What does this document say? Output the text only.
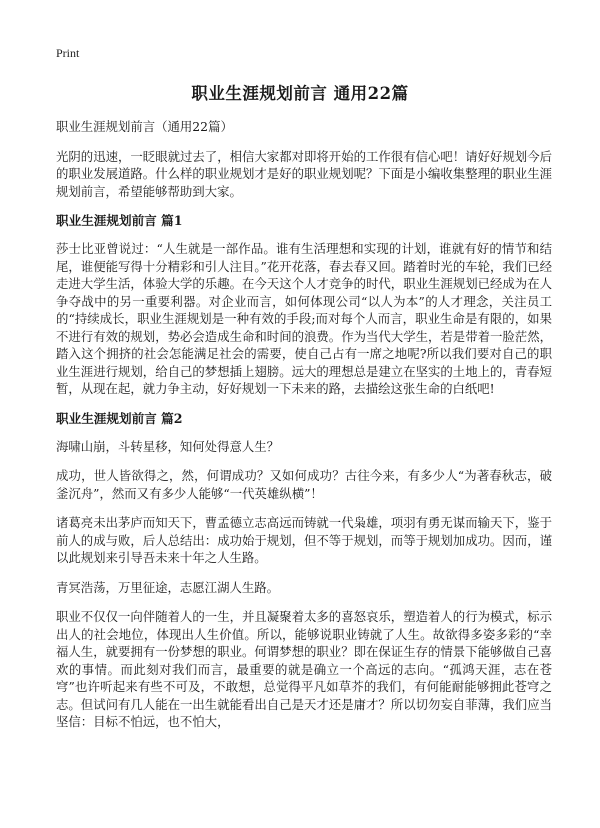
Print
职业生涯规划前言 通用22篇

职业生涯规划前言（通用22篇）

光阴的迅速，一眨眼就过去了，相信大家都对即将开始的工作很有信心吧！请好好规划今后的职业发展道路。什么样的职业规划才是好的职业规划呢？下面是小编收集整理的职业生涯规划前言，希望能够帮助到大家。

职业生涯规划前言 篇1

莎士比亚曾说过：“人生就是一部作品。谁有生活理想和实现的计划，谁就有好的情节和结尾，谁便能写得十分精彩和引人注目。”花开花落，春去春又回。踏着时光的车轮，我们已经走进大学生活，体验大学的乐趣。在今天这个人才竞争的时代，职业生涯规划已经成为在人争夺战中的另一重要利器。对企业而言，如何体现公司“以人为本”的人才理念，关注员工的“持续成长，职业生涯规划是一种有效的手段;而对每个人而言，职业生命是有限的，如果不进行有效的规划，势必会造成生命和时间的浪费。作为当代大学生，若是带着一脸茫然，踏入这个拥挤的社会怎能满足社会的需要，使自己占有一席之地呢?所以我们要对自己的职业生涯进行规划，给自己的梦想插上翅膀。远大的理想总是建立在坚实的土地上的，青春短暂，从现在起，就力争主动，好好规划一下未来的路，去描绘这张生命的白纸吧!

职业生涯规划前言 篇2

海啸山崩，斗转星移，知何处得意人生？

成功，世人皆欲得之，然，何谓成功？又如何成功？古往今来，有多少人“为著春秋志，破釜沉舟”，然而又有多少人能够“一代英雄纵横”！

诸葛亮未出茅庐而知天下，曹孟德立志高远而铸就一代枭雄，项羽有勇无谋而输天下，鉴于前人的成与败，后人总结出：成功始于规划，但不等于规划，而等于规划加成功。因而，谨以此规划来引导吾未来十年之人生路。

青冥浩荡，万里征途，志愿江湖人生路。

职业不仅仅一向伴随着人的一生，并且凝聚着太多的喜怒哀乐，塑造着人的行为模式，标示出人的社会地位，体现出人生价值。所以，能够说职业铸就了人生。故欲得多姿多彩的“幸福人生，就要拥有一份梦想的职业。何谓梦想的职业？即在保证生存的情景下能够做自己喜欢的事情。而此刻对我们而言，最重要的就是确立一个高远的志向。“孤鸿天涯，志在苍穹”也许听起来有些不可及，不敢想，总觉得平凡如草芥的我们，有何能耐能够拥此苍穹之志。但试问有几人能在一出生就能看出自己是天才还是庸才？所以切勿妄自菲薄，我们应当坚信：目标不怕远，也不怕大，
